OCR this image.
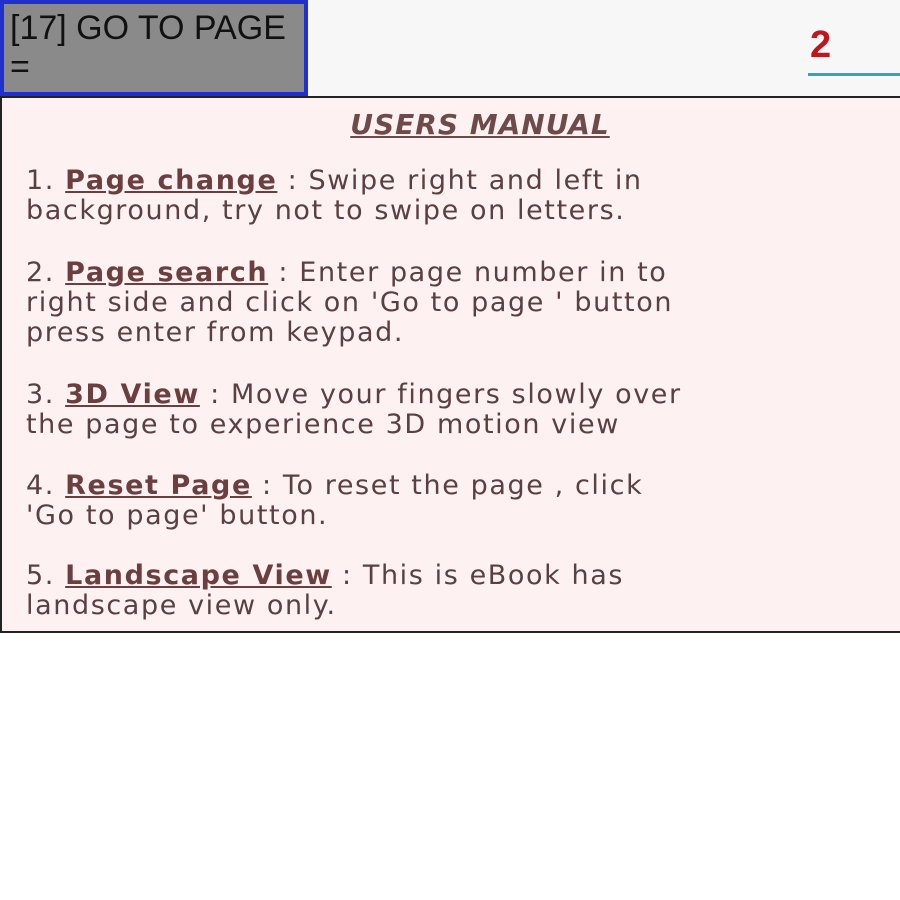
[17] GO TO PAGE =
2
USERS MANUAL
1. Page change : Swipe right and left in
background, try not to swipe on letters.
2. Page search : Enter page number in to
right side and click on 'Go to page ' button
press enter from keypad.
3. 3D View : Move your fingers slowly over
the page to experience 3D motion view
4. Reset Page : To reset the page , click
'Go to page' button.
5. Landscape View : This is eBook has
landscape view only.
